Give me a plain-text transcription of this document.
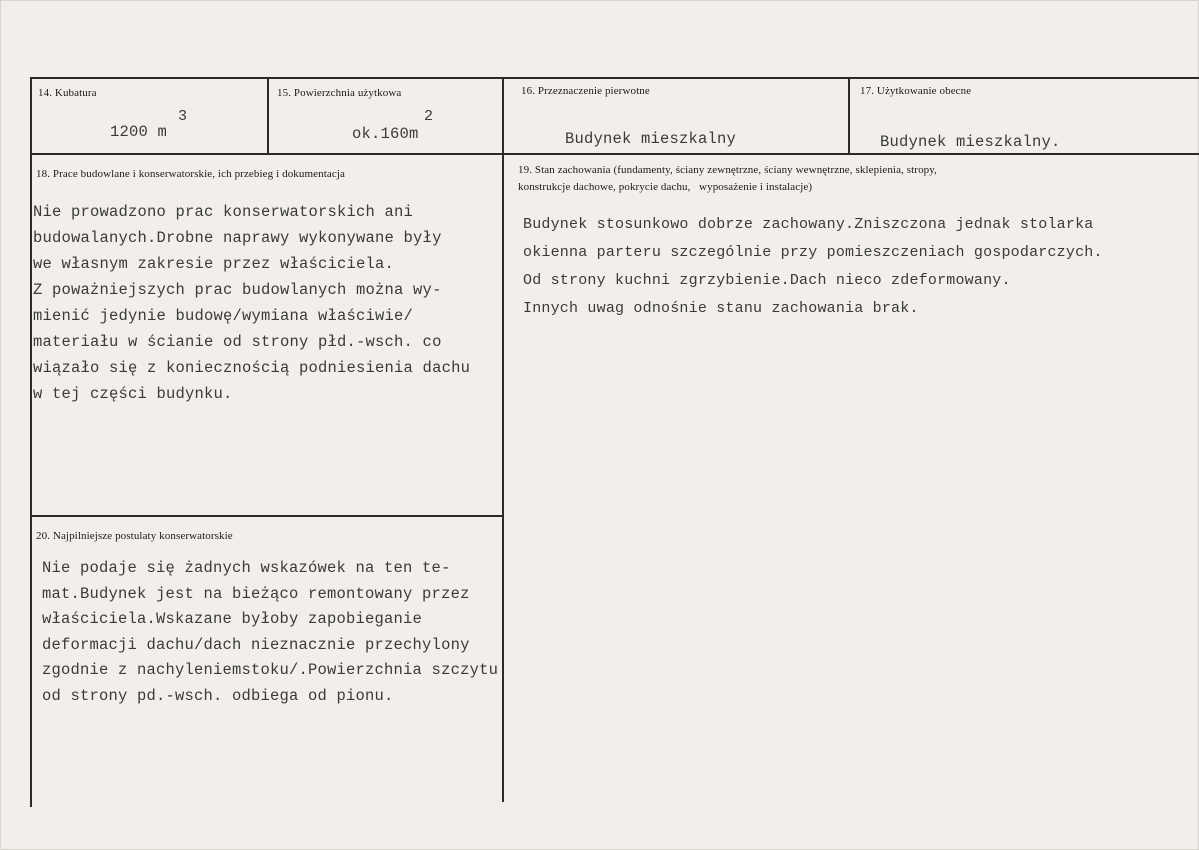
14. Kubatura
3
1200 m
15. Powierzchnia użytkowa
2
ok.160m
16. Przeznaczenie pierwotne
Budynek mieszkalny
17. Użytkowanie obecne
Budynek mieszkalny.
18. Prace budowlane i konserwatorskie, ich przebieg i dokumentacja
Nie prowadzono prac konserwatorskich ani
budowalanych.Drobne naprawy wykonywane były
we własnym zakresie przez właściciela.
Z poważniejszych prac budowlanych można wy-
mienić jedynie budowę/wymiana właściwie/
materiału w ścianie od strony płd.-wsch. co
wiązało się z koniecznością podniesienia dachu
w tej części budynku.
19. Stan zachowania (fundamenty, ściany zewnętrzne, ściany wewnętrzne, sklepienia, stropy,
konstrukcje dachowe, pokrycie dachu,   wyposażenie i instalacje)
Budynek stosunkowo dobrze zachowany.Zniszczona jednak stolarka
okienna parteru szczególnie przy pomieszczeniach gospodarczych.
Od strony kuchni zgrzybienie.Dach nieco zdeformowany.
Innych uwag odnośnie stanu zachowania brak.
20. Najpilniejsze postulaty konserwatorskie
Nie podaje się żadnych wskazówek na ten te-
mat.Budynek jest na bieżąco remontowany przez
właściciela.Wskazane byłoby zapobieganie
deformacji dachu/dach nieznacznie przechylony
zgodnie z nachyleniemstoku/.Powierzchnia szczytu
od strony pd.-wsch. odbiega od pionu.
